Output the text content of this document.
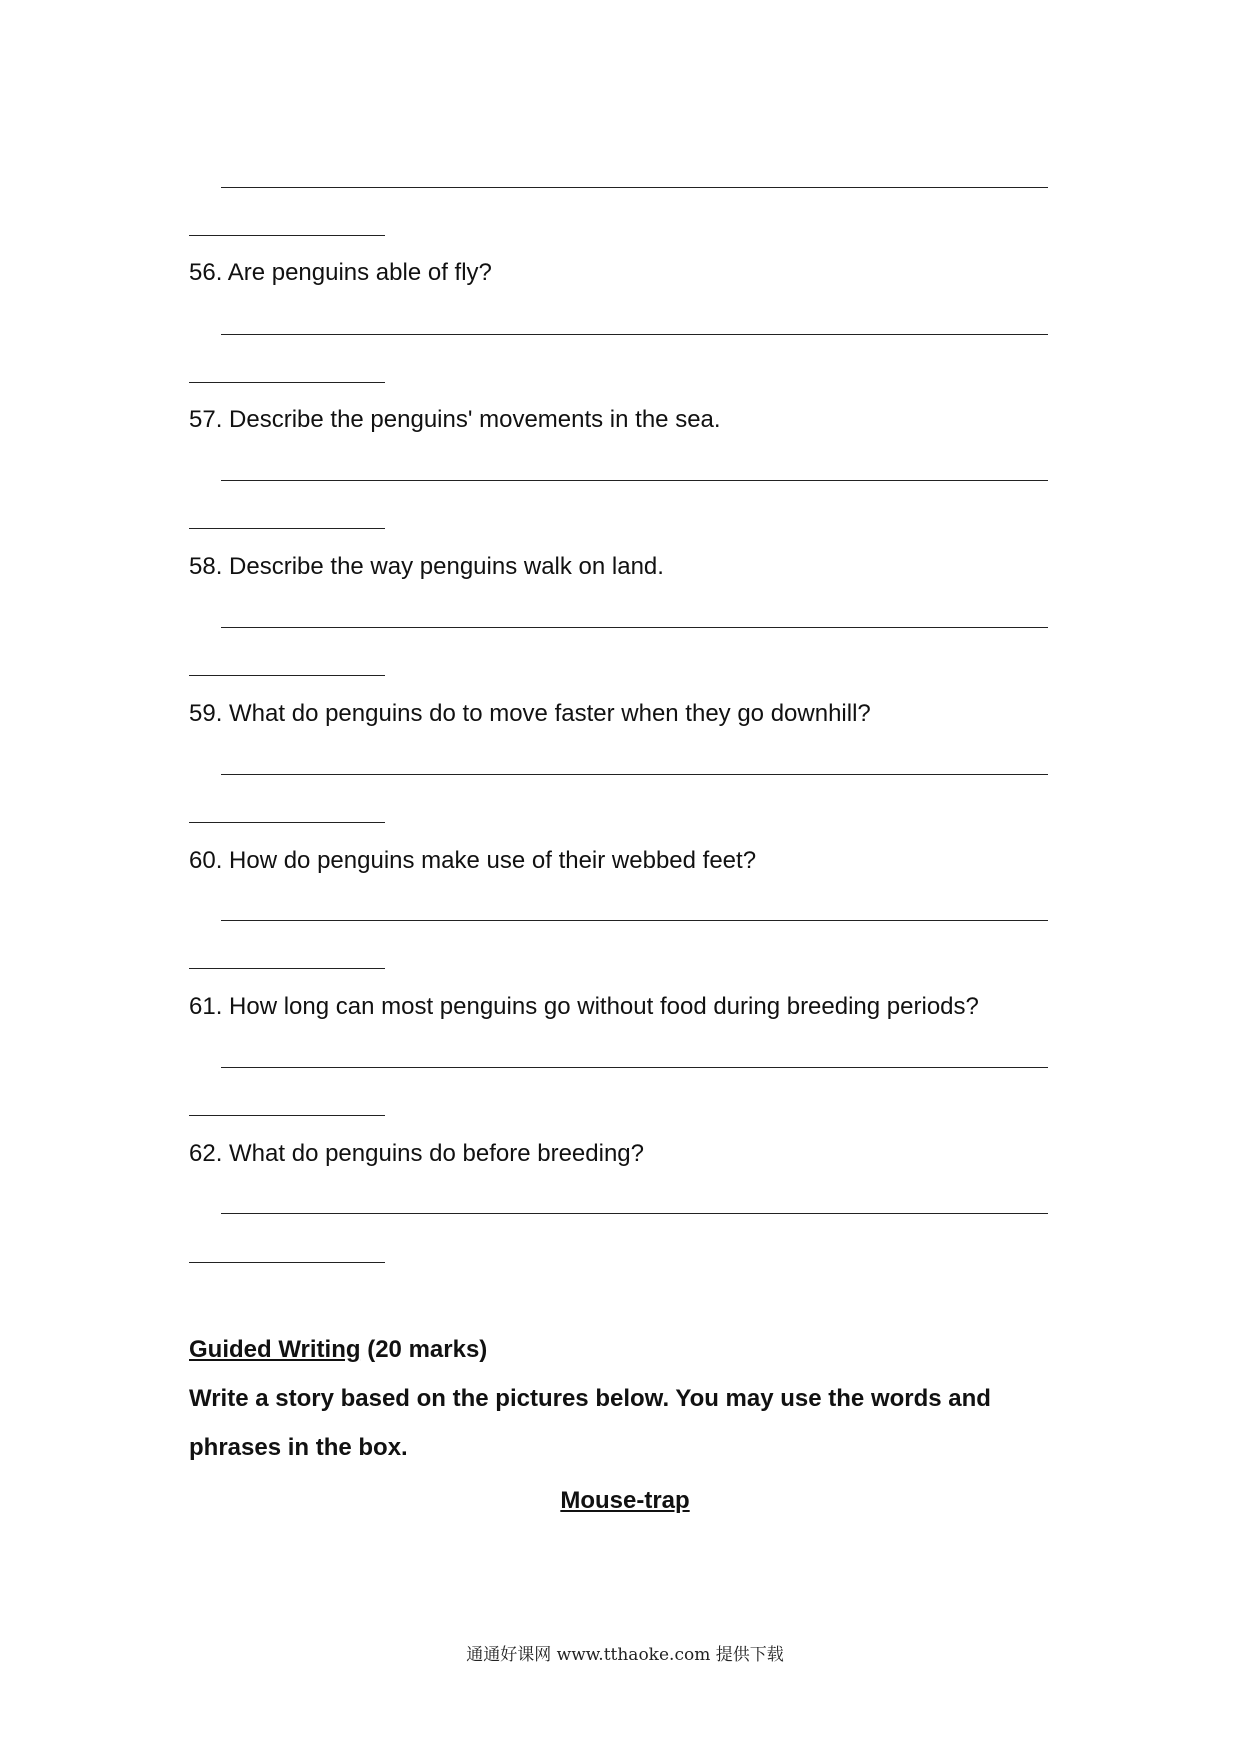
56. Are penguins able of fly?
57. Describe the penguins' movements in the sea.
58. Describe the way penguins walk on land.
59. What do penguins do to move faster when they go downhill?
60. How do penguins make use of their webbed feet?
61. How long can most penguins go without food during breeding periods?
62. What do penguins do before breeding?
Guided Writing (20 marks)
Write a story based on the pictures below. You may use the words and
phrases in the box.
Mouse-trap
通通好课网 www.tthaoke.com 提供下载
